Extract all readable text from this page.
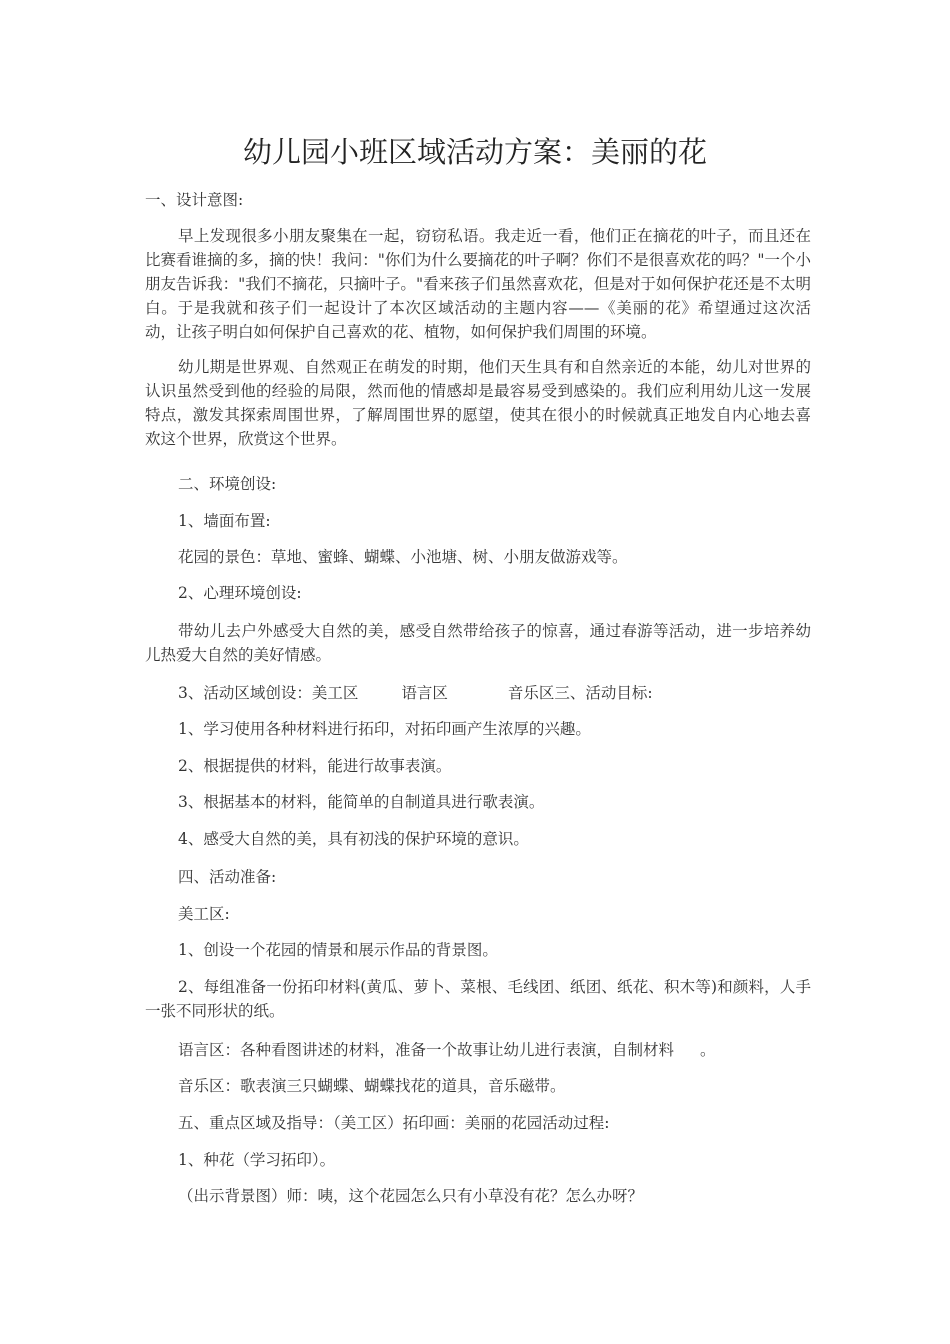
幼儿园小班区域活动方案：美丽的花

一、设计意图:

早上发现很多小朋友聚集在一起，窃窃私语。我走近一看，他们正在摘花的叶子，而且还在比赛看谁摘的多，摘的快！我问："你们为什么要摘花的叶子啊？你们不是很喜欢花的吗？"一个小朋友告诉我："我们不摘花，只摘叶子。"看来孩子们虽然喜欢花，但是对于如何保护花还是不太明白。于是我就和孩子们一起设计了本次区域活动的主题内容——《美丽的花》希望通过这次活动，让孩子明白如何保护自己喜欢的花、植物，如何保护我们周围的环境。

幼儿期是世界观、自然观正在萌发的时期，他们天生具有和自然亲近的本能，幼儿对世界的认识虽然受到他的经验的局限，然而他的情感却是最容易受到感染的。我们应利用幼儿这一发展特点，激发其探索周围世界，了解周围世界的愿望，使其在很小的时候就真正地发自内心地去喜欢这个世界，欣赏这个世界。

二、环境创设:

1、墙面布置:

花园的景色：草地、蜜蜂、蝴蝶、小池塘、树、小朋友做游戏等。

2、心理环境创设:

带幼儿去户外感受大自然的美，感受自然带给孩子的惊喜，通过春游等活动，进一步培养幼儿热爱大自然的美好情感。

3、活动区域创设：美工区	语言区	音乐区三、活动目标:

1、学习使用各种材料进行拓印，对拓印画产生浓厚的兴趣。

2、根据提供的材料，能进行故事表演。

3、根据基本的材料，能简单的自制道具进行歌表演。

4、感受大自然的美，具有初浅的保护环境的意识。

四、活动准备:

美工区:

1、创设一个花园的情景和展示作品的背景图。

2、每组准备一份拓印材料(黄瓜、萝卜、菜根、毛线团、纸团、纸花、积木等)和颜料，人手一张不同形状的纸。

语言区：各种看图讲述的材料，准备一个故事让幼儿进行表演，自制材料 。

音乐区：歌表演三只蝴蝶、蝴蝶找花的道具，音乐磁带。

五、重点区域及指导：（美工区）拓印画：美丽的花园活动过程:

1、种花（学习拓印）。

（出示背景图）师：咦，这个花园怎么只有小草没有花？怎么办呀？
